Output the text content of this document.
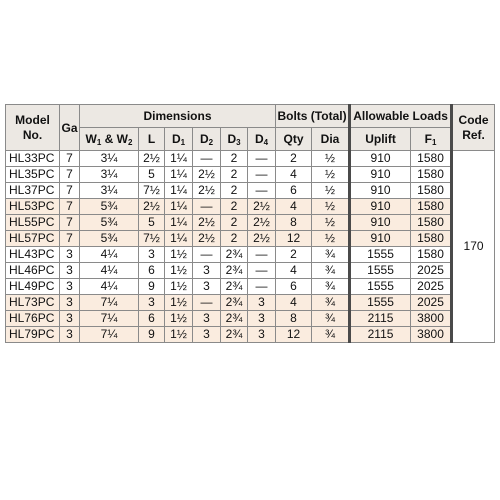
Model No.	Ga	Dimensions						Bolts (Total)		Allowable Loads		Code Ref.
		$W_1$ & $W_2$	L	$D_1$	$D_2$	$D_3$	$D_4$	Qty	Dia	Uplift	$F_1$
HL33PC	7	3¼	2½	1¼	—	2	—	2	½	910	1580	170
HL35PC	7	3¼	5	1¼	2½	2	—	4	½	910	1580	
HL37PC	7	3¼	7½	1¼	2½	2	—	6	½	910	1580	
HL53PC	7	5¾	2½	1¼	—	2	2½	4	½	910	1580	
HL55PC	7	5¾	5	1¼	2½	2	2½	8	½	910	1580	
HL57PC	7	5¾	7½	1¼	2½	2	2½	12	½	910	1580	
HL43PC	3	4¼	3	1½	—	2¾	—	2	¾	1555	1580	
HL46PC	3	4¼	6	1½	3	2¾	—	4	¾	1555	2025	
HL49PC	3	4¼	9	1½	3	2¾	—	6	¾	1555	2025	
HL73PC	3	7¼	3	1½	—	2¾	3	4	¾	1555	2025	
HL76PC	3	7¼	6	1½	3	2¾	3	8	¾	2115	3800	
HL79PC	3	7¼	9	1½	3	2¾	3	12	¾	2115	3800	
